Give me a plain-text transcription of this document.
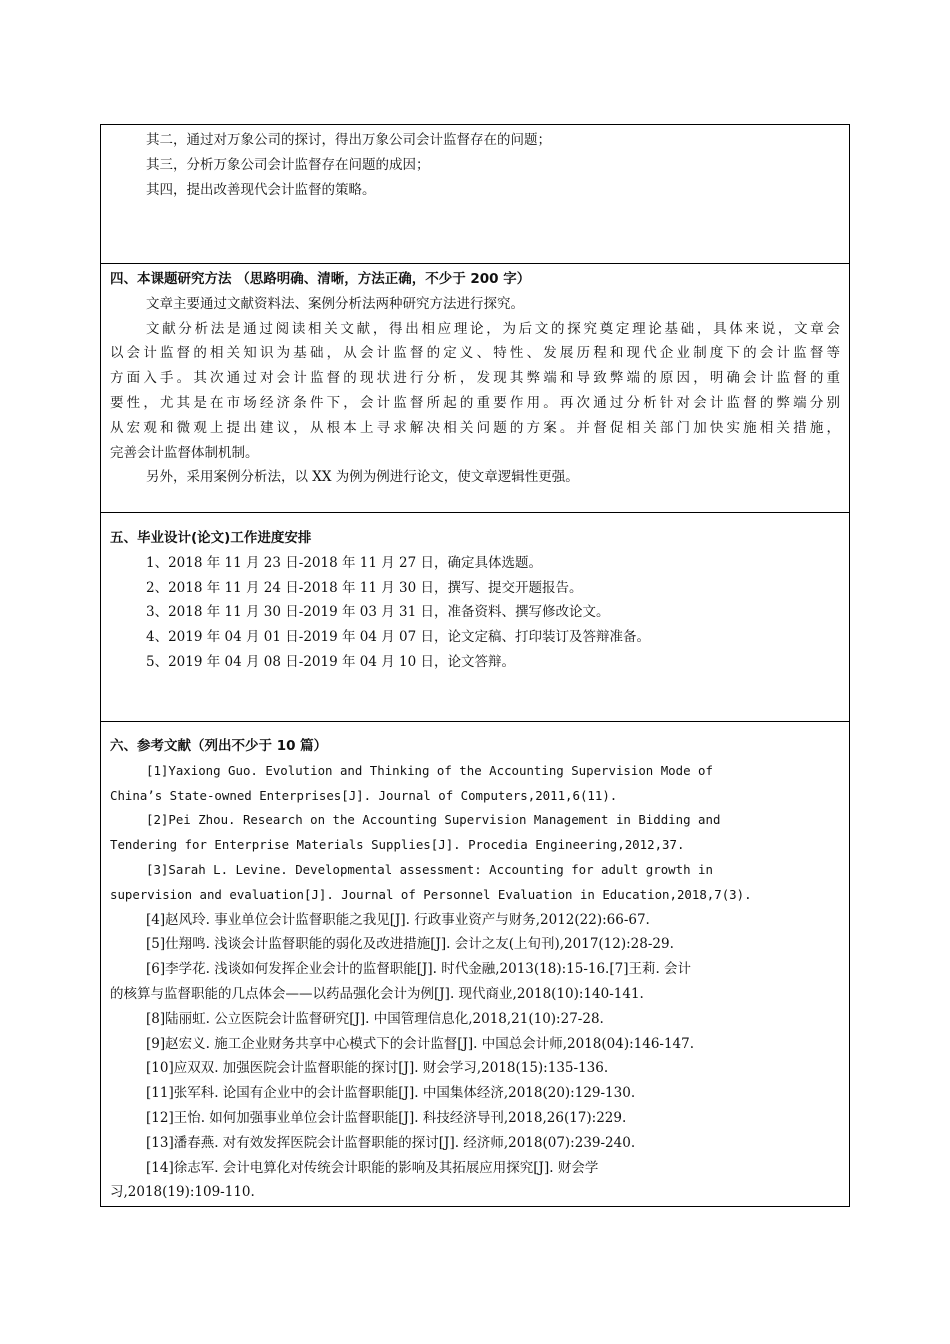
其二，通过对万象公司的探讨，得出万象公司会计监督存在的问题；
其三，分析万象公司会计监督存在问题的成因；
其四，提出改善现代会计监督的策略。
四、本课题研究方法 （思路明确、清晰，方法正确，不少于 200 字）
文章主要通过文献资料法、案例分析法两种研究方法进行探究。
文献分析法是通过阅读相关文献，得出相应理论，为后文的探究奠定理论基础，具体来说，文章会
以会计监督的相关知识为基础，从会计监督的定义、特性、发展历程和现代企业制度下的会计监督等
方面入手。其次通过对会计监督的现状进行分析，发现其弊端和导致弊端的原因，明确会计监督的重
要性，尤其是在市场经济条件下，会计监督所起的重要作用。再次通过分析针对会计监督的弊端分别
从宏观和微观上提出建议，从根本上寻求解决相关问题的方案。并督促相关部门加快实施相关措施，
完善会计监督体制机制。
另外，采用案例分析法，以 XX 为例为例进行论文，使文章逻辑性更强。
五、毕业设计(论文)工作进度安排
1、2018 年 11 月 23 日-2018 年 11 月 27 日，确定具体选题。
2、2018 年 11 月 24 日-2018 年 11 月 30 日，撰写、提交开题报告。
3、2018 年 11 月 30 日-2019 年 03 月 31 日，准备资料、撰写修改论文。
4、2019 年 04 月 01 日-2019 年 04 月 07 日，论文定稿、打印装订及答辩准备。
5、2019 年 04 月 08 日-2019 年 04 月 10 日，论文答辩。
六、参考文献（列出不少于 10 篇）
[1]Yaxiong Guo. Evolution and Thinking of the Accounting Supervision Mode of
China’s State-owned Enterprises[J]. Journal of Computers,2011,6(11).
[2]Pei Zhou. Research on the Accounting Supervision Management in Bidding and
Tendering for Enterprise Materials Supplies[J]. Procedia Engineering,2012,37.
[3]Sarah L. Levine. Developmental assessment: Accounting for adult growth in
supervision and evaluation[J]. Journal of Personnel Evaluation in Education,2018,7(3).
[4]赵风玲. 事业单位会计监督职能之我见[J]. 行政事业资产与财务,2012(22):66-67.
[5]仕翔鸣. 浅谈会计监督职能的弱化及改进措施[J]. 会计之友(上旬刊),2017(12):28-29.
[6]李学花. 浅谈如何发挥企业会计的监督职能[J]. 时代金融,2013(18):15-16.[7]王莉. 会计
的核算与监督职能的几点体会——以药品强化会计为例[J]. 现代商业,2018(10):140-141.
[8]陆丽虹. 公立医院会计监督研究[J]. 中国管理信息化,2018,21(10):27-28.
[9]赵宏义. 施工企业财务共享中心模式下的会计监督[J]. 中国总会计师,2018(04):146-147.
[10]应双双. 加强医院会计监督职能的探讨[J]. 财会学习,2018(15):135-136.
[11]张军科. 论国有企业中的会计监督职能[J]. 中国集体经济,2018(20):129-130.
[12]王怡. 如何加强事业单位会计监督职能[J]. 科技经济导刊,2018,26(17):229.
[13]潘春燕. 对有效发挥医院会计监督职能的探讨[J]. 经济师,2018(07):239-240.
[14]徐志军. 会计电算化对传统会计职能的影响及其拓展应用探究[J]. 财会学
习,2018(19):109-110.
